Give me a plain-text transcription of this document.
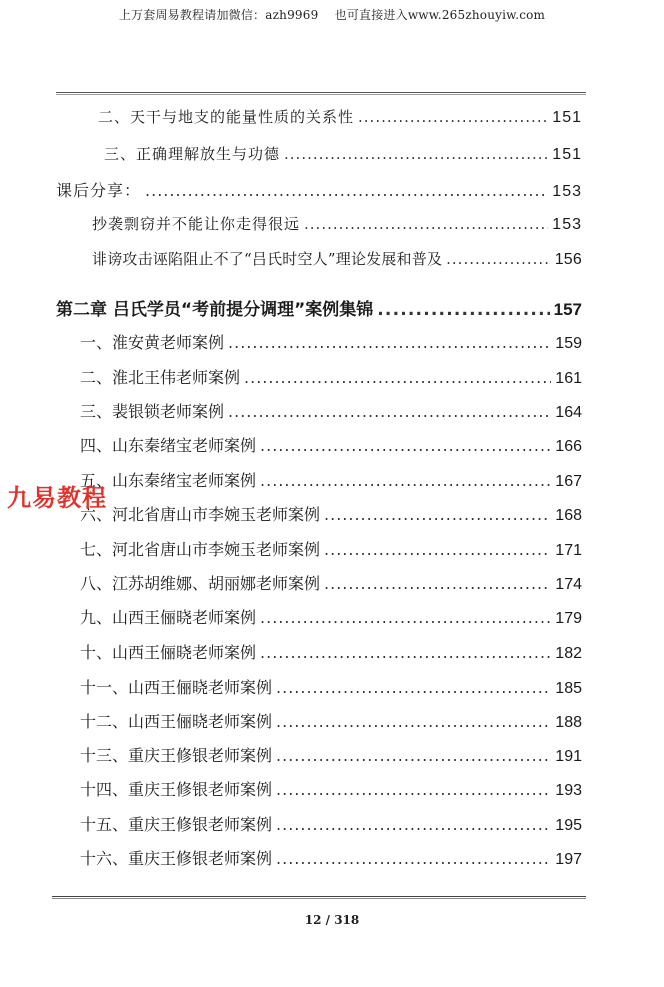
上万套周易教程请加微信：azh9969　 也可直接进入www.265zhouyiw.com
二、天干与地支的能量性质的关系性 .....	151
三、正确理解放生与功德 .....	151
课后分享： .....	153
抄袭剽窃并不能让你走得很远 .....	153
诽谤攻击诬陷阻止不了“吕氏时空人”理论发展和普及 .....	156
第二章 吕氏学员“考前提分调理”案例集锦 .....	157
一、淮安黄老师案例 .....	159
二、淮北王伟老师案例 .....	161
三、裴银锁老师案例 .....	164
四、山东秦绪宝老师案例 .....	166
五、山东秦绪宝老师案例 .....	167
六、河北省唐山市李婉玉老师案例 .....	168
七、河北省唐山市李婉玉老师案例 .....	171
八、江苏胡维娜、胡丽娜老师案例 .....	174
九、山西王俪晓老师案例 .....	179
十、山西王俪晓老师案例 .....	182
十一、山西王俪晓老师案例 .....	185
十二、山西王俪晓老师案例 .....	188
十三、重庆王修银老师案例 .....	191
十四、重庆王修银老师案例 .....	193
十五、重庆王修银老师案例 .....	195
十六、重庆王修银老师案例 .....	197
九易教程
12 / 318
